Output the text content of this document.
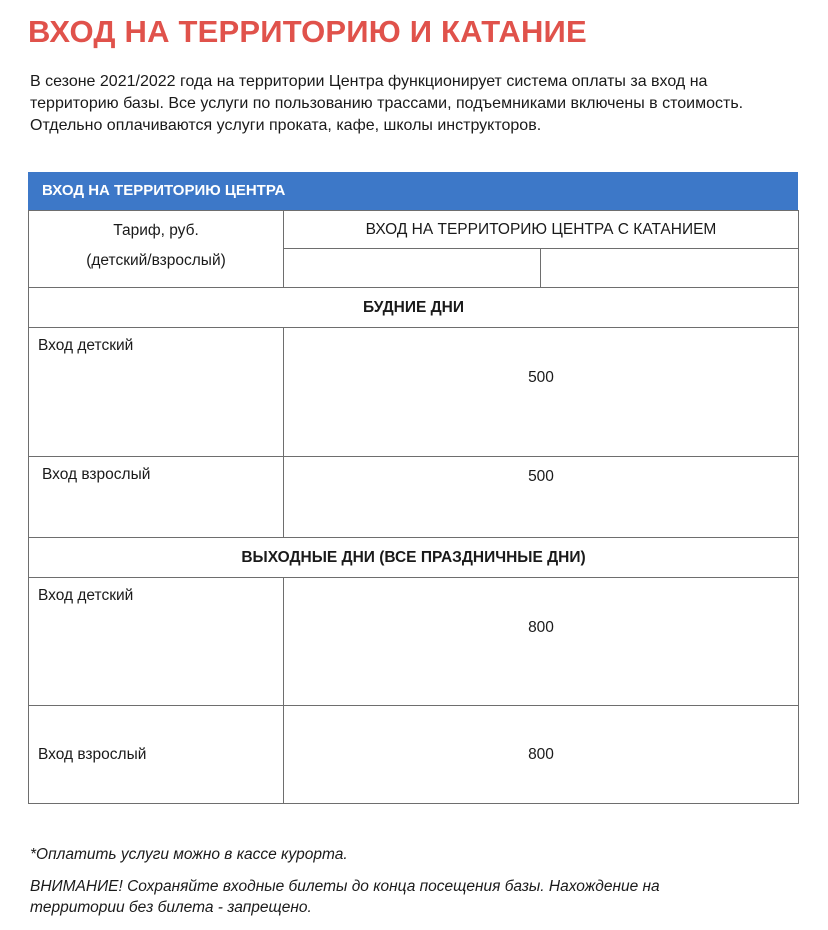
ВХОД НА ТЕРРИТОРИЮ И КАТАНИЕ
В сезоне 2021/2022 года на территории Центра функционирует система оплаты за вход на территорию базы. Все услуги по пользованию трассами, подъемниками включены в стоимость. Отдельно оплачиваются услуги проката, кафе, школы инструкторов.
ВХОД НА ТЕРРИТОРИЮ ЦЕНТРА
Тариф, руб.
(детский/взрослый)	ВХОД НА ТЕРРИТОРИЮ ЦЕНТРА С КАТАНИЕМ	

БУДНИЕ ДНИ		
Вход детский	500	
Вход взрослый	500	
ВЫХОДНЫЕ ДНИ (ВСЕ ПРАЗДНИЧНЫЕ ДНИ)		
Вход детский	800	
Вход взрослый	800	
*Оплатить услуги можно в кассе курорта.
ВНИМАНИЕ! Сохраняйте входные билеты до конца посещения базы. Нахождение на территории без билета - запрещено.
